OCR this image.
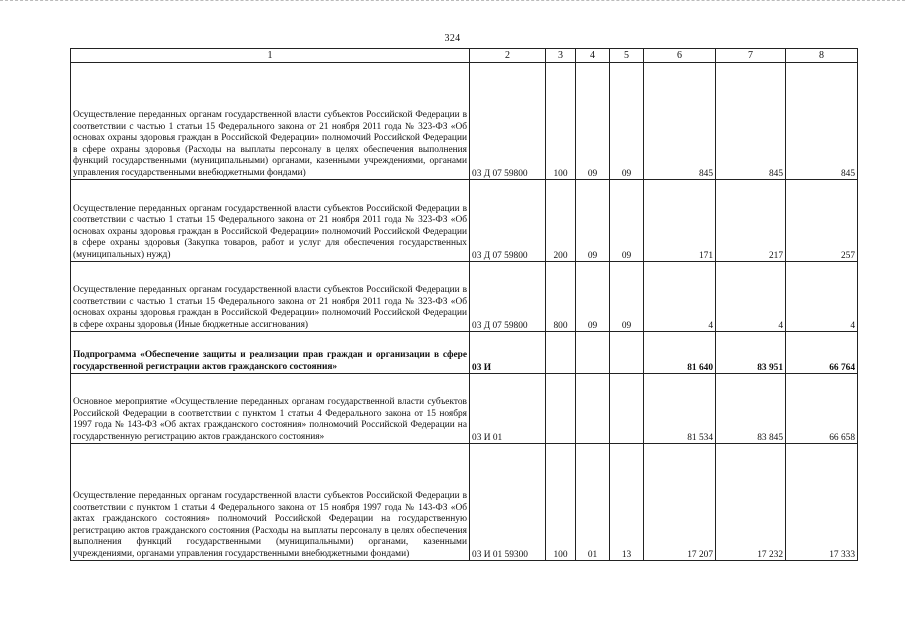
324
1	2	3	4	5	6	7	8
Осуществление переданных органам государственной власти субъектов Российской Федерации в соответствии с частью 1 статьи 15 Федерального закона от 21 ноября 2011 года № 323-ФЗ «Об основах охраны здоровья граждан в Российской Федерации» полномочий Российской Федерации в сфере охраны здоровья (Расходы на выплаты персоналу в целях обеспечения выполнения функций государственными (муниципальными) органами, казенными учреждениями, органами управления государственными внебюджетными фондами)	03 Д 07 59800	100	09	09	845	845	845
Осуществление переданных органам государственной власти субъектов Российской Федерации в соответствии с частью 1 статьи 15 Федерального закона от 21 ноября 2011 года № 323-ФЗ «Об основах охраны здоровья граждан в Российской Федерации» полномочий Российской Федерации в сфере охраны здоровья (Закупка товаров, работ и услуг для обеспечения государственных (муниципальных) нужд)	03 Д 07 59800	200	09	09	171	217	257
Осуществление переданных органам государственной власти субъектов Российской Федерации в соответствии с частью 1 статьи 15 Федерального закона от 21 ноября 2011 года № 323-ФЗ «Об основах охраны здоровья граждан в Российской Федерации» полномочий Российской Федерации в сфере охраны здоровья (Иные бюджетные ассигнования)	03 Д 07 59800	800	09	09	4	4	4
Подпрограмма «Обеспечение защиты и реализации прав граждан и организации в сфере государственной регистрации актов гражданского состояния»	03 И				81 640	83 951	66 764
Основное мероприятие «Осуществление переданных органам государственной власти субъектов Российской Федерации в соответствии с пунктом 1 статьи 4 Федерального закона от 15 ноября 1997 года № 143-ФЗ «Об актах гражданского состояния» полномочий Российской Федерации на государственную регистрацию актов гражданского состояния»	03 И 01				81 534	83 845	66 658
Осуществление переданных органам государственной власти субъектов Российской Федерации в соответствии с пунктом 1 статьи 4 Федерального закона от 15 ноября 1997 года № 143-ФЗ «Об актах гражданского состояния» полномочий Российской Федерации на государственную регистрацию актов гражданского состояния (Расходы на выплаты персоналу в целях обеспечения выполнения функций государственными (муниципальными) органами, казенными учреждениями, органами управления государственными внебюджетными фондами)	03 И 01 59300	100	01	13	17 207	17 232	17 333
